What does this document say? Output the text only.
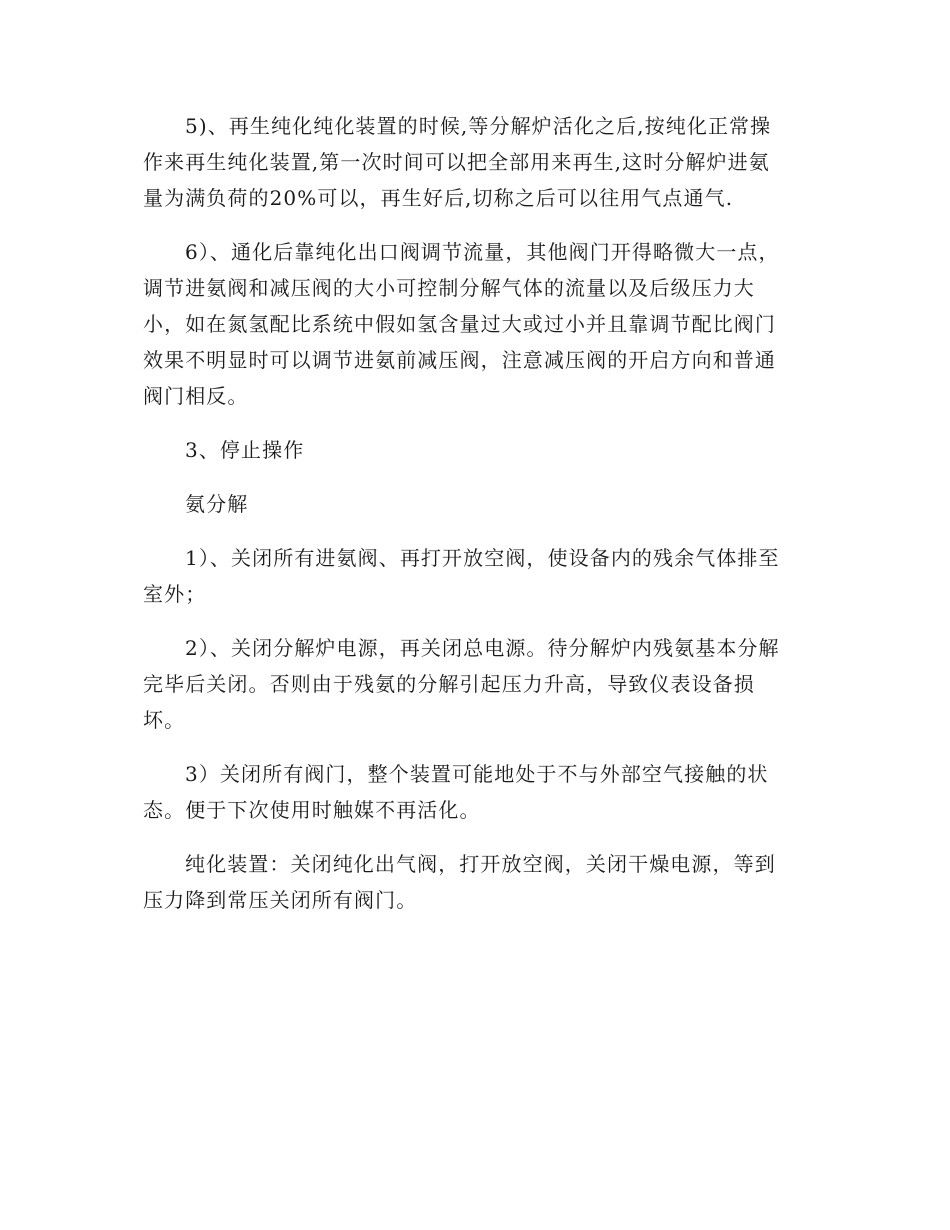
5)、再生纯化纯化装置的时候,等分解炉活化之后,按纯化正常操
作来再生纯化装置,第一次时间可以把全部用来再生,这时分解炉进氨
量为满负荷的20%可以，再生好后,切称之后可以往用气点通气.

6）、通化后靠纯化出口阀调节流量，其他阀门开得略微大一点，
调节进氨阀和减压阀的大小可控制分解气体的流量以及后级压力大
小，如在氮氢配比系统中假如氢含量过大或过小并且靠调节配比阀门
效果不明显时可以调节进氨前减压阀，注意减压阀的开启方向和普通
阀门相反。

3、停止操作

氨分解

1）、关闭所有进氨阀、再打开放空阀，使设备内的残余气体排至
室外；

2）、关闭分解炉电源，再关闭总电源。待分解炉内残氨基本分解
完毕后关闭。否则由于残氨的分解引起压力升高，导致仪表设备损
坏。

3）关闭所有阀门，整个装置可能地处于不与外部空气接触的状
态。便于下次使用时触媒不再活化。

纯化装置：关闭纯化出气阀，打开放空阀，关闭干燥电源，等到
压力降到常压关闭所有阀门。
